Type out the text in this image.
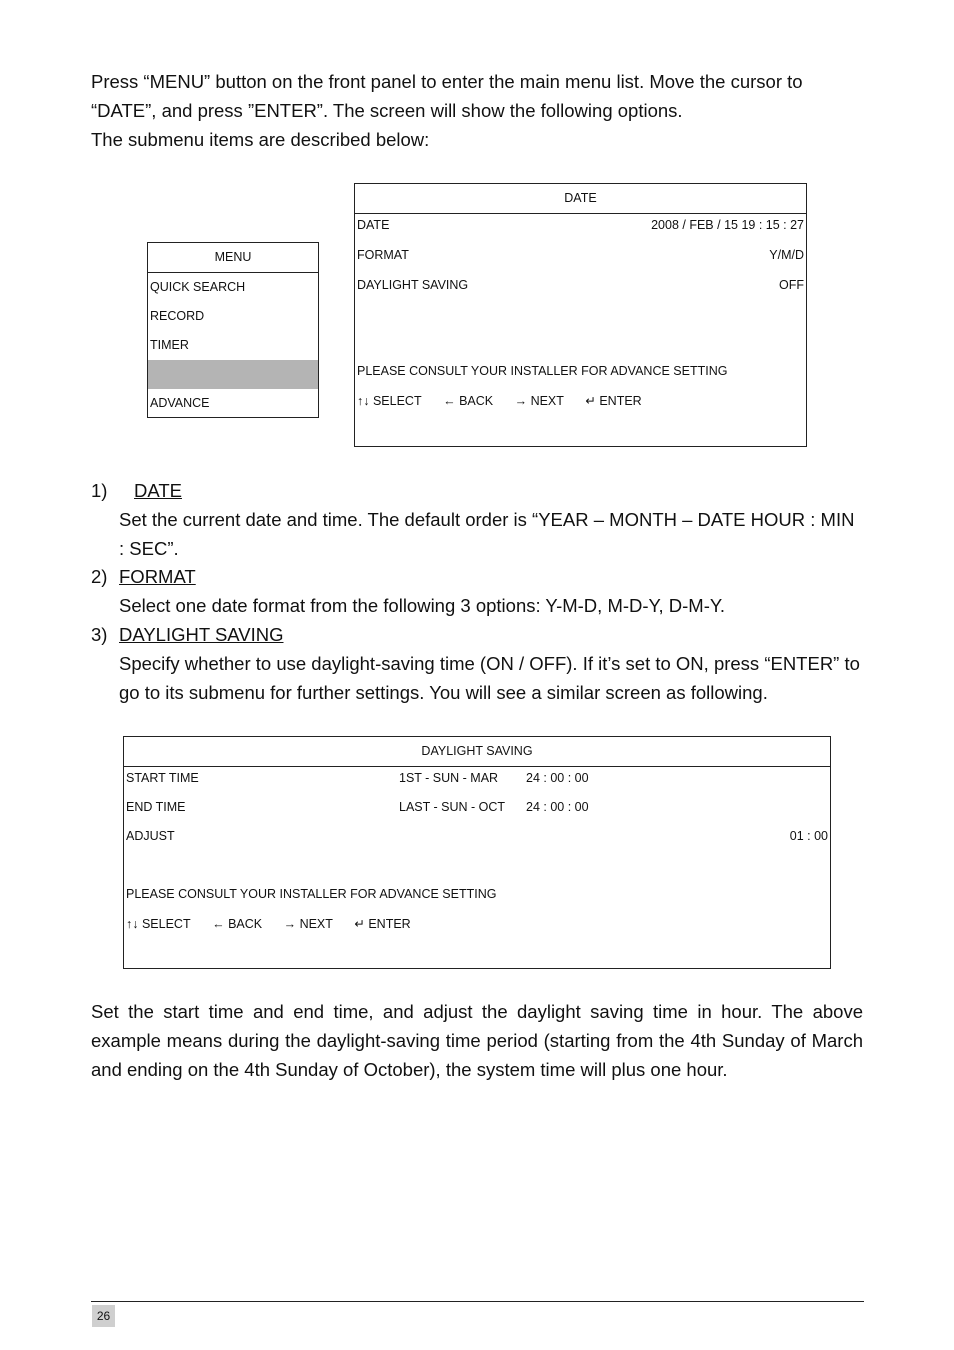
Press “MENU” button on the front panel to enter the main menu list. Move the cursor to
“DATE”, and press ”ENTER”. The screen will show the following options.
The submenu items are described below:
MENU
QUICK SEARCH
RECORD
TIMER
ADVANCE
DATE
DATE	2008 / FEB / 15 19 : 15 : 27
FORMAT	Y/M/D
DAYLIGHT SAVING	OFF
PLEASE CONSULT YOUR INSTALLER FOR ADVANCE SETTING
↑↓ SELECT ← BACK → NEXT ↵ ENTER
1) DATE
Set the current date and time. The default order is “YEAR – MONTH – DATE HOUR : MIN : SEC”.
2) FORMAT
Select one date format from the following 3 options: Y-M-D, M-D-Y, D-M-Y.
3) DAYLIGHT SAVING
Specify whether to use daylight-saving time (ON / OFF). If it’s set to ON, press “ENTER” to go to its submenu for further settings. You will see a similar screen as following.
DAYLIGHT SAVING
START TIME	1ST - SUN - MAR 24 : 00 : 00
END TIME	LAST - SUN - OCT 24 : 00 : 00
ADJUST	01 : 00
PLEASE CONSULT YOUR INSTALLER FOR ADVANCE SETTING
↑↓ SELECT ← BACK → NEXT ↵ ENTER

Set the start time and end time, and adjust the daylight saving time in hour. The above example means during the daylight-saving time period (starting from the 4th Sunday of March and ending on the 4th Sunday of October), the system time will plus one hour.

26
